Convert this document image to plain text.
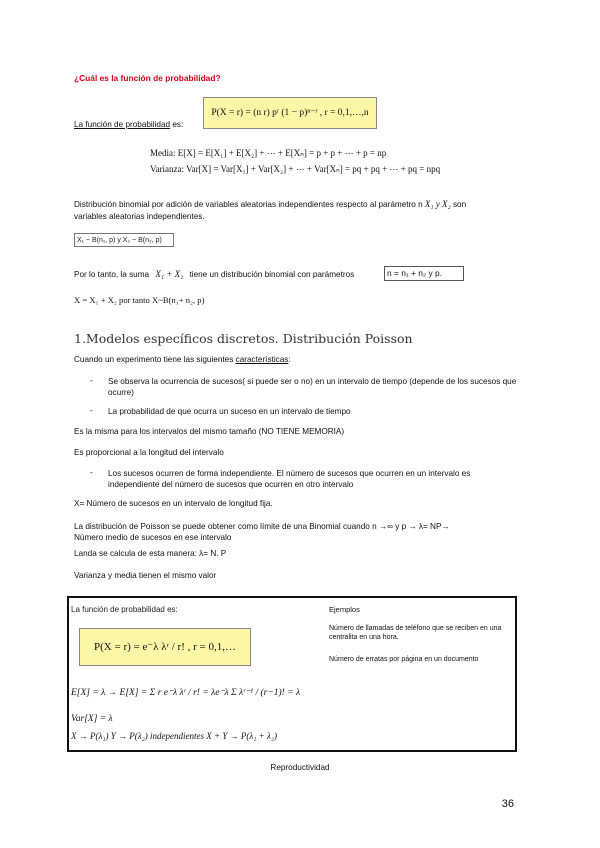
¿Cuál es la función de probabilidad?
La función de probabilidad es:
P(X = r) = (n r) pʳ (1 − p)ⁿ⁻ʳ , r = 0,1,…,n
Media: E[X] = E[X₁] + E[X₂] + ⋯ + E[Xₙ] = p + p + ⋯ + p = np
Varianza: Var[X] = Var[X₁] + Var[X₂] + ⋯ + Var[Xₙ] = pq + pq + ⋯ + pq = npq
Distribución binomial por adición de variables aleatorias independientes respecto al parámetro n X₁ y X₂ son
variables aleatorias independientes.
X₁ ~ B(n₁, p) y X₂ ~ B(n₂, p)
Por lo tanto, la suma X₁ + X₂ tiene un distribución binomial con parámetros	n = n₁ + n₂ y p.
X = X₁ + X₂ por tanto X~B(n₁+ n₂, p)
1.Modelos específicos discretos. Distribución Poisson
Cuando un experimento tiene las siguientes características:
- Se observa la ocurrencia de sucesos( si puede ser o no) en un intervalo de tiempo (depende de los sucesos que ocurre)
- La probabilidad de que ocurra un suceso en un intervalo de tiempo
Es la misma para los intervalos del mismo tamaño (NO TIENE MEMORIA)
Es proporcional a la longitud del intervalo
- Los sucesos ocurren de forma independiente. El número de sucesos que ocurren en un intervalo es independiente del número de sucesos que ocurren en otro intervalo
X= Número de sucesos en un intervalo de longitud fija.
La distribución de Poisson se puede obtener como límite de una Binomial cuando n →∞ y p → λ= NP→
Número medio de sucesos en ese intervalo
Landa se calcula de esta manera: λ= N. P
Varianza y media tienen el mismo valor
La función de probabilidad es:
P(X = r) = e⁻λ λʳ / r! , r = 0,1,…
E[X] = λ → E[X] = Σ r e⁻λ λʳ / r! = λe⁻λ Σ λʳ⁻¹ / (r−1)! = λ
Var[X] = λ
X → P(λ₁) Y → P(λ₂) independientes X + Y → P(λ₁ + λ₂)
Ejemplos
Número de llamadas de teléfono que se reciben en una centralita en una hora.
Número de erratas por página en un documento
Reproductividad
36
